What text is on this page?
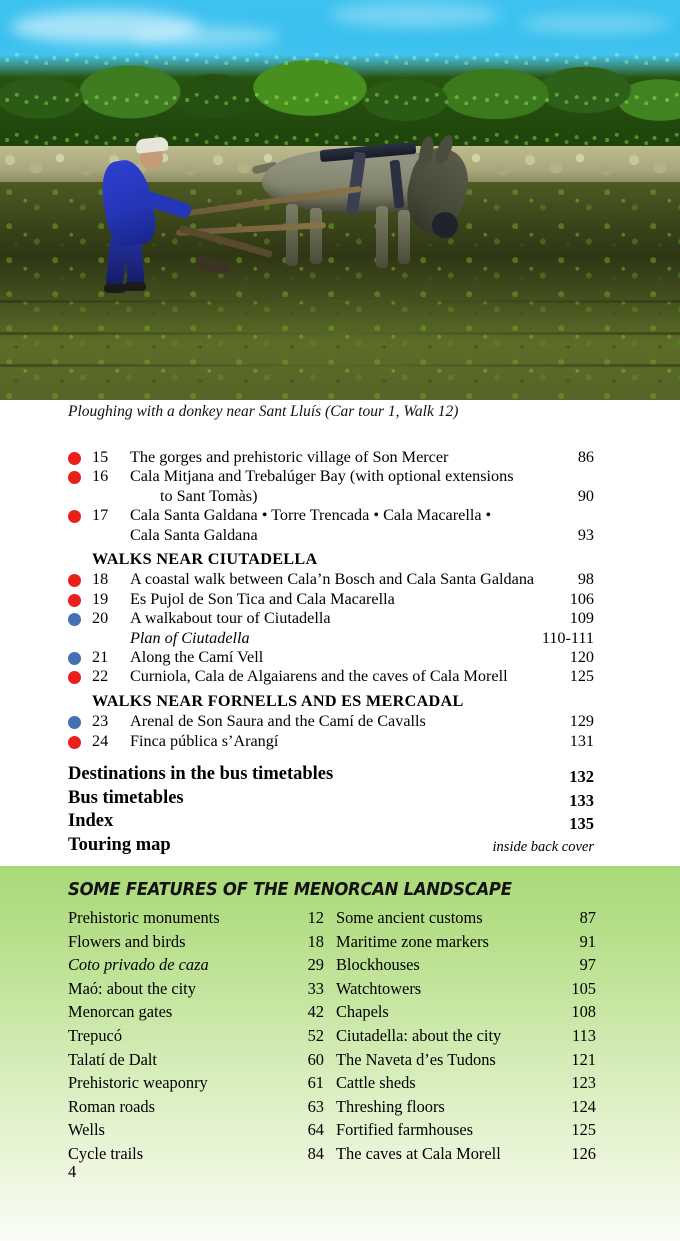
Ploughing with a donkey near Sant Lluís (Car tour 1, Walk 12)
15	The gorges and prehistoric village of Son Mercer	86
16	Cala Mitjana and Trebalúger Bay (with optional extensions
to Sant Tomàs)	90
17	Cala Santa Galdana • Torre Trencada • Cala Macarella •
Cala Santa Galdana	93
WALKS NEAR CIUTADELLA
18	A coastal walk between Cala’n Bosch and Cala Santa Galdana	98
19	Es Pujol de Son Tica and Cala Macarella	106
20	A walkabout tour of Ciutadella	109
Plan of Ciutadella	110-111
21	Along the Camí Vell	120
22	Curniola, Cala de Algaiarens and the caves of Cala Morell	125
WALKS NEAR FORNELLS AND ES MERCADAL
23	Arenal de Son Saura and the Camí de Cavalls	129
24	Finca pública s’Arangí	131
Destinations in the bus timetables	132
Bus timetables	133
Index	135
Touring map	inside back cover
SOME FEATURES OF THE MENORCAN LANDSCAPE
Prehistoric monuments	12 Some ancient customs	87
Flowers and birds	18 Maritime zone markers	91
Coto privado de caza	29 Blockhouses	97
Maó: about the city	33 Watchtowers	105
Menorcan gates	42 Chapels	108
Trepucó	52 Ciutadella: about the city	113
Talatí de Dalt	60 The Naveta d’es Tudons	121
Prehistoric weaponry	61 Cattle sheds	123
Roman roads	63 Threshing floors	124
Wells	64 Fortified farmhouses	125
Cycle trails	84 The caves at Cala Morell	126
4
